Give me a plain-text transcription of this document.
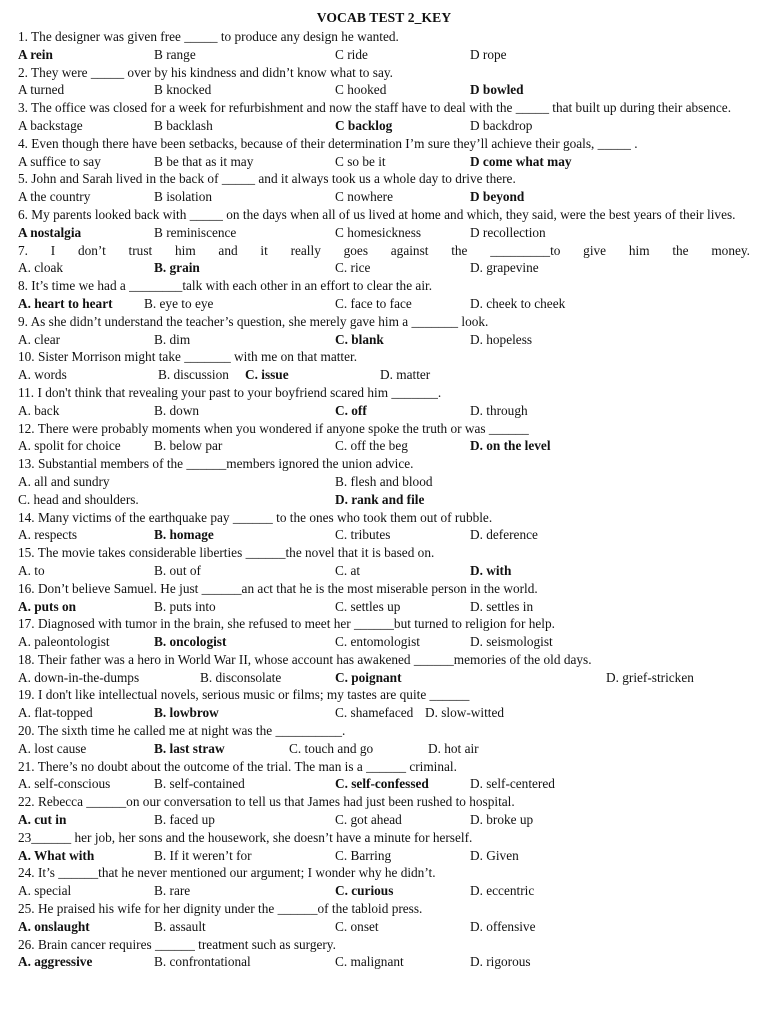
VOCAB TEST 2_KEY
1. The designer was given free _____ to produce any design he wanted.
A rein	B range	C ride	D rope
2. They were _____ over by his kindness and didn’t know what to say.
A turned	B knocked	C hooked	D bowled
3. The office was closed for a week for refurbishment and now the staff have to deal with the _____ that built up during their absence.
A backstage	B backlash	C backlog	D backdrop
4. Even though there have been setbacks, because of their determination I’m sure they’ll achieve their goals, _____ .
A suffice to say	B be that as it may	C so be it	D come what may
5. John and Sarah lived in the back of _____ and it always took us a whole day to drive there.
A the country	B isolation	C nowhere	D beyond
6. My parents looked back with _____ on the days when all of us lived at home and which, they said, were the best years of their lives.
A nostalgia	B reminiscence	C homesickness	D recollection
7. I don’t trust him and it really goes against the _________to give him the money.
A. cloak	B. grain	C. rice	D. grapevine
8. It’s time we had a ________talk with each other in an effort to clear the air.
A. heart to heart B. eye to eye	C. face to face	D. cheek to cheek
9. As she didn’t understand the teacher’s question, she merely gave him a _______ look.
A. clear	B. dim	C. blank	D. hopeless
10. Sister Morrison might take _______ with me on that matter.
A. words	B. discussion C. issue	D. matter
11. I don't think that revealing your past to your boyfriend scared him _______.
A. back	B. down	C. off	D. through
12. There were probably moments when you wondered if anyone spoke the truth or was ______
A. spolit for choice	B. below par	C. off the beg	D. on the level
13. Substantial members of the ______members ignored the union advice.
A. all and sundry	B. flesh and blood
C. head and shoulders.	D. rank and file
14. Many victims of the earthquake pay ______ to the ones who took them out of rubble.
A. respects	B. homage	C. tributes	D. deference
15. The movie takes considerable liberties ______the novel that it is based on.
A. to	B. out of	C. at	D. with
16. Don’t believe Samuel. He just ______an act that he is the most miserable person in the world.
A. puts on	B. puts into	C. settles up	D. settles in
17. Diagnosed with tumor in the brain, she refused to meet her ______but turned to religion for help.
A. paleontologist	B. oncologist	C. entomologist	D. seismologist
18. Their father was a hero in World War II, whose account has awakened ______memories of the old days.
A. down-in-the-dumps	B. disconsolate	C. poignant	D. grief-stricken
19. I don't like intellectual novels, serious music or films; my tastes are quite ______
A. flat-topped	B. lowbrow	C. shamefaced D. slow-witted
20. The sixth time he called me at night was the __________.
A. lost cause	B. last straw	C. touch and go	D. hot air
21. There’s no doubt about the outcome of the trial. The man is a ______ criminal.
A. self-conscious	B. self-contained	C. self-confessed	D. self-centered
22. Rebecca ______on our conversation to tell us that James had just been rushed to hospital.
A. cut in	B. faced up	C. got ahead	D. broke up
23______ her job, her sons and the housework, she doesn’t have a minute for herself.
A. What with	B. If it weren’t for	C. Barring	D. Given
24. It’s ______that he never mentioned our argument; I wonder why he didn’t.
A. special	B. rare	C. curious	D. eccentric
25. He praised his wife for her dignity under the ______of the tabloid press.
A. onslaught	B. assault	C. onset	D. offensive
26. Brain cancer requires ______ treatment such as surgery.
A. aggressive	B. confrontational	C. malignant	D. rigorous
